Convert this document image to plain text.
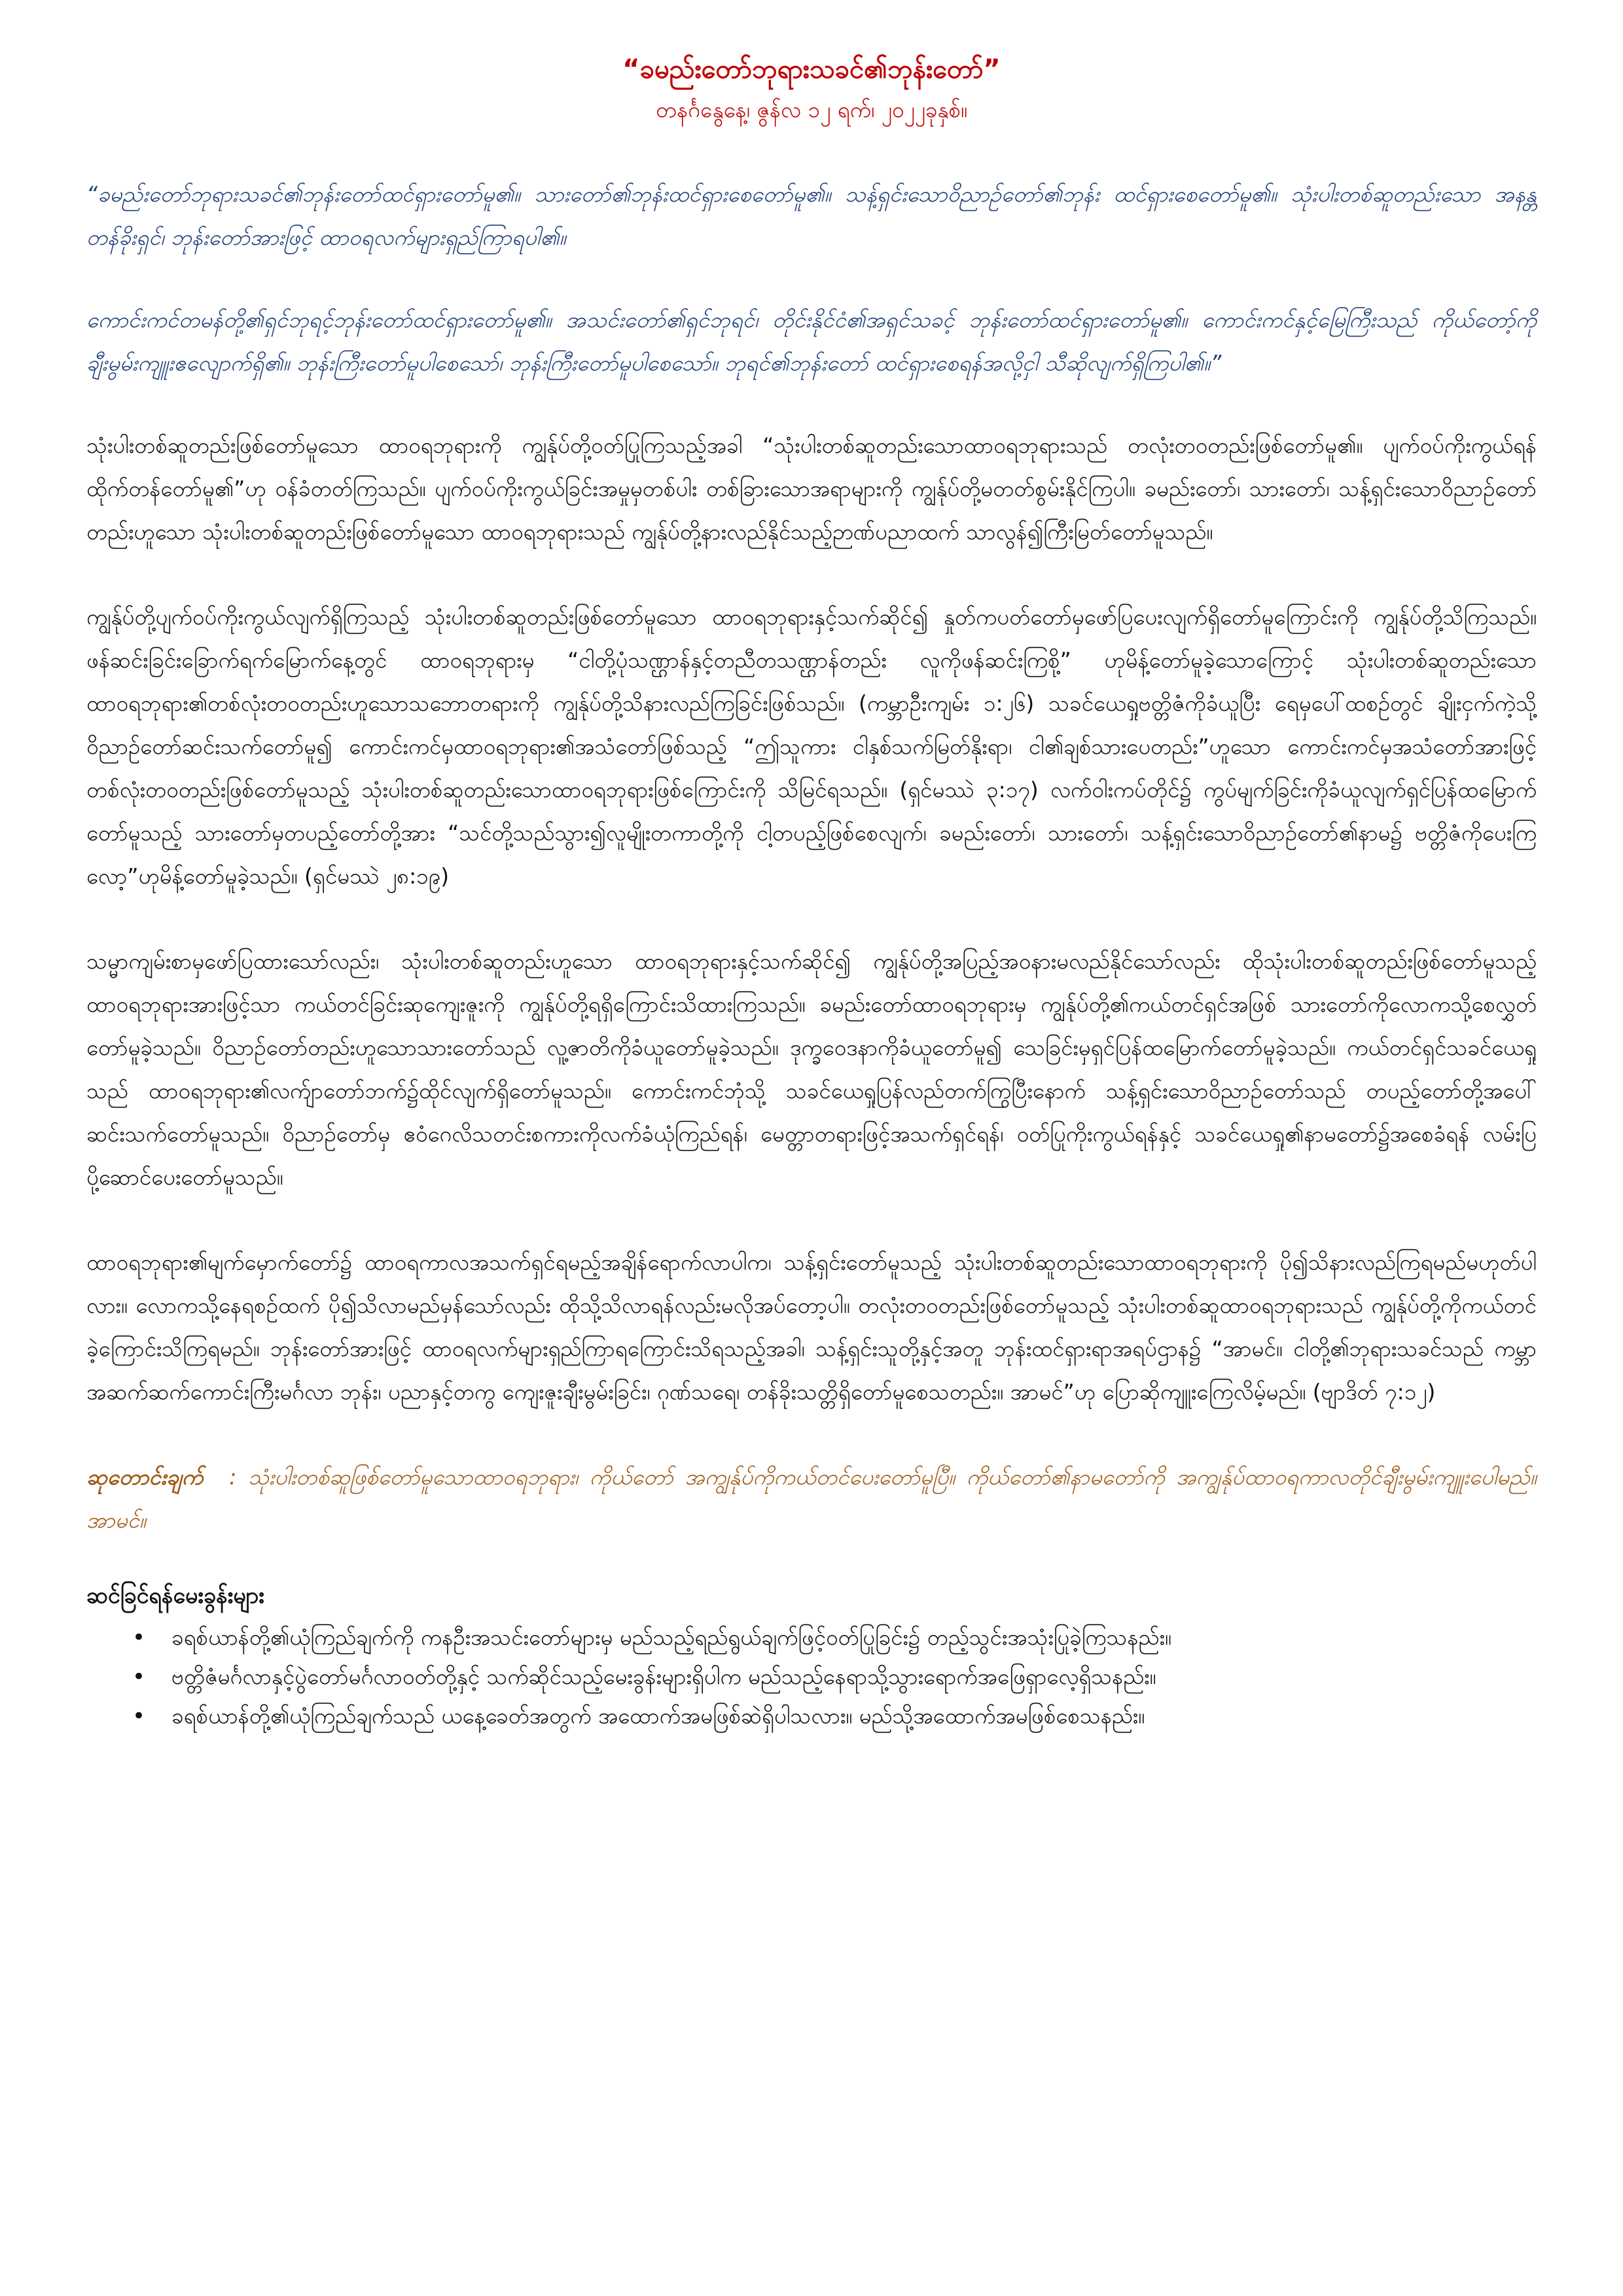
“ခမည်းတော်ဘုရားသခင်၏ဘုန်းတော်”
တနင်္ဂနွေနေ့၊ ဇွန်လ ၁၂ ရက်၊ ၂၀၂၂ခုနှစ်။

“ခမည်းတော်ဘုရားသခင်၏ဘုန်းတော်ထင်ရှားတော်မူ၏။ သားတော်၏ဘုန်းထင်ရှားစေတော်မူ၏။ သန့်ရှင်းသောဝိညာဉ်တော်၏ဘုန်း ထင်ရှားစေတော်မူ၏။ သုံးပါးတစ်ဆူတည်းသော အနန္တတန်ခိုးရှင်၊ ဘုန်းတော်အားဖြင့် ထာဝရလက်များရှည်ကြာရပါ၏။

ကောင်းကင်တမန်တို့၏ရှင်ဘုရင့်ဘုန်းတော်ထင်ရှားတော်မူ၏။ အသင်းတော်၏ရှင်ဘုရင်၊ တိုင်းနိုင်ငံ၏အရှင်သခင့် ဘုန်းတော်ထင်ရှားတော်မူ၏။ ကောင်းကင်နှင့်မြေကြီးသည် ကိုယ်တော့်ကိုချီးမွမ်းကျူးဧလျောက်ရှိ၏။ ဘုန်းကြီးတော်မူပါစေသော်၊ ဘုန်းကြီးတော်မူပါစေသော်။ ဘုရင်၏ဘုန်းတော် ထင်ရှားစေရန်အလို့ငှါ သီဆိုလျက်ရှိကြပါ၏။”

သုံးပါးတစ်ဆူတည်းဖြစ်တော်မူသော ထာဝရဘုရားကို ကျွန်ုပ်တို့ဝတ်ပြုကြသည့်အခါ “သုံးပါးတစ်ဆူတည်းသောထာဝရဘုရားသည် တလုံးတဝတည်းဖြစ်တော်မူ၏။ ပျက်ဝပ်ကိုးကွယ်ရန် ထိုက်တန်တော်မူ၏”ဟု ဝန်ခံတတ်ကြသည်။ ပျက်ဝပ်ကိုးကွယ်ခြင်းအမှုမှတစ်ပါး တစ်ခြားသောအရာများကို ကျွန်ုပ်တို့မတတ်စွမ်းနိုင်ကြပါ။ ခမည်းတော်၊ သားတော်၊ သန့်ရှင်းသောဝိညာဉ်တော်တည်းဟူသော သုံးပါးတစ်ဆူတည်းဖြစ်တော်မူသော ထာဝရဘုရားသည် ကျွန်ုပ်တို့နားလည်နိုင်သည့်ဉာဏ်ပညာထက် သာလွန်၍ကြီးမြတ်တော်မူသည်။

ကျွန်ုပ်တို့ပျက်ဝပ်ကိုးကွယ်လျက်ရှိကြသည့် သုံးပါးတစ်ဆူတည်းဖြစ်တော်မူသော ထာဝရဘုရားနှင့်သက်ဆိုင်၍ နှုတ်ကပတ်တော်မှဖော်ပြပေးလျက်ရှိတော်မူကြောင်းကို ကျွန်ုပ်တို့သိကြသည်။ ဖန်ဆင်းခြင်းခြောက်ရက်မြောက်နေ့တွင် ထာဝရဘုရားမှ “ငါတို့ပုံသဏ္ဌာန်နှင့်တညီတသဏ္ဌာန်တည်း လူကိုဖန်ဆင်းကြစို့” ဟုမိန့်တော်မူခဲ့သောကြောင့် သုံးပါးတစ်ဆူတည်းသော ထာဝရဘုရား၏တစ်လုံးတဝတည်းဟူသောသဘောတရားကို ကျွန်ုပ်တို့သိနားလည်ကြခြင်းဖြစ်သည်။ (ကမ္ဘာဦးကျမ်း ၁:၂၆) သခင်ယေရှုဗတ္တိဇံကိုခံယူပြီး ရေမှပေါ်ထစဉ်တွင် ချိုးငှက်ကဲ့သို့ဝိညာဉ်တော်ဆင်းသက်တော်မူ၍ ကောင်းကင်မှထာဝရဘုရား၏အသံတော်ဖြစ်သည့် “ဤသူကား ငါနှစ်သက်မြတ်နိုးရာ၊ ငါ၏ချစ်သားပေတည်း”ဟူသော ကောင်းကင်မှအသံတော်အားဖြင့် တစ်လုံးတဝတည်းဖြစ်တော်မူသည့် သုံးပါးတစ်ဆူတည်းသောထာဝရဘုရားဖြစ်ကြောင်းကို သိမြင်ရသည်။ (ရှင်မဿဲ ၃:၁၇) လက်ဝါးကပ်တိုင်၌ ကွပ်မျက်ခြင်းကိုခံယူလျက်ရှင်ပြန်ထမြောက်တော်မူသည့် သားတော်မှတပည့်တော်တို့အား “သင်တို့သည်သွား၍လူမျိုးတကာတို့ကို ငါ့တပည့်ဖြစ်စေလျက်၊ ခမည်းတော်၊ သားတော်၊ သန့်ရှင်းသောဝိညာဉ်တော်၏နာမ၌ ဗတ္တိဇံကိုပေးကြလော့”ဟုမိန့်တော်မူခဲ့သည်။ (ရှင်မဿဲ ၂၈:၁၉)

သမ္မာကျမ်းစာမှဖော်ပြထားသော်လည်း၊ သုံးပါးတစ်ဆူတည်းဟူသော ထာဝရဘုရားနှင့်သက်ဆိုင်၍ ကျွန်ုပ်တို့အပြည့်အဝနားမလည်နိုင်သော်လည်း ထိုသုံးပါးတစ်ဆူတည်းဖြစ်တော်မူသည့် ထာဝရဘုရားအားဖြင့်သာ ကယ်တင်ခြင်းဆုကျေးဇူးကို ကျွန်ုပ်တို့ရရှိကြောင်းသိထားကြသည်။ ခမည်းတော်ထာဝရဘုရားမှ ကျွန်ုပ်တို့၏ကယ်တင်ရှင်အဖြစ် သားတော်ကိုလောကသို့စေလွှတ်တော်မူခဲ့သည်။ ဝိညာဉ်တော်တည်းဟူသောသားတော်သည် လူ့ဇာတိကိုခံယူတော်မူခဲ့သည်။ ဒုက္ခဝေဒနာကိုခံယူတော်မူ၍ သေခြင်းမှရှင်ပြန်ထမြောက်တော်မူခဲ့သည်။ ကယ်တင်ရှင်သခင်ယေရှုသည် ထာဝရဘုရား၏လက်ျာတော်ဘက်၌ထိုင်လျက်ရှိတော်မူသည်။ ကောင်းကင်ဘုံသို့ သခင်ယေရှုပြန်လည်တက်ကြွပြီးနောက် သန့်ရှင်းသောဝိညာဉ်တော်သည် တပည့်တော်တို့အပေါ်ဆင်းသက်တော်မူသည်။ ဝိညာဉ်တော်မှ ဧဝံဂေလိသတင်းစကားကိုလက်ခံယုံကြည်ရန်၊ မေတ္တာတရားဖြင့်အသက်ရှင်ရန်၊ ဝတ်ပြုကိုးကွယ်ရန်နှင့် သခင်ယေရှု၏နာမတော်၌အစေခံရန် လမ်းပြပို့ဆောင်ပေးတော်မူသည်။

ထာဝရဘုရား၏မျက်မှောက်တော်၌ ထာဝရကာလအသက်ရှင်ရမည့်အချိန်ရောက်လာပါက၊ သန့်ရှင်းတော်မူသည့် သုံးပါးတစ်ဆူတည်းသောထာဝရဘုရားကို ပို၍သိနားလည်ကြရမည်မဟုတ်ပါလား။ လောကသို့နေရစဉ်ထက် ပို၍သိလာမည်မှန်သော်လည်း ထိုသို့သိလာရန်လည်းမလိုအပ်တော့ပါ။ တလုံးတဝတည်းဖြစ်တော်မူသည့် သုံးပါးတစ်ဆူထာဝရဘုရားသည် ကျွန်ုပ်တို့ကိုကယ်တင်ခဲ့ကြောင်းသိကြရမည်။ ဘုန်းတော်အားဖြင့် ထာဝရလက်များရှည်ကြာရကြောင်းသိရသည့်အခါ၊ သန့်ရှင်းသူတို့နှင့်အတူ ဘုန်းထင်ရှားရာအရပ်ဌာန၌ “အာမင်။ ငါတို့၏ဘုရားသခင်သည် ကမ္ဘာအဆက်ဆက်ကောင်းကြီးမင်္ဂလာ ဘုန်း၊ ပညာနှင့်တကွ ကျေးဇူးချီးမွမ်းခြင်း၊ ဂုဏ်သရေ၊ တန်ခိုးသတ္တိရှိတော်မူစေသတည်း။ အာမင်”ဟု ပြောဆိုကျူးကြေလိမ့်မည်။ (ဗျာဒိတ် ၇:၁၂)

ဆုတောင်းချက် : သုံးပါးတစ်ဆူဖြစ်တော်မူသောထာဝရဘုရား၊ ကိုယ်တော် အကျွန်ုပ်ကိုကယ်တင်ပေးတော်မူပြီ။ ကိုယ်တော်၏နာမတော်ကို အကျွန်ုပ်ထာဝရကာလတိုင်ချီးမွမ်းကျူးပေါမည်။ အာမင်။

ဆင်ခြင်ရန်မေးခွန်းများ
• ခရစ်ယာန်တို့၏ယုံကြည်ချက်ကို ကနဦးအသင်းတော်များမှ မည်သည့်ရည်ရွယ်ချက်ဖြင့်ဝတ်ပြုခြင်း၌ တည့်သွင်းအသုံးပြုခဲ့ကြသနည်း။
• ဗတ္တိဇံမင်္ဂလာနှင့်ပွဲတော်မင်္ဂလာဝတ်တို့နှင့် သက်ဆိုင်သည့်မေးခွန်းများရှိပါက မည်သည့်နေရာသို့သွားရောက်အဖြေရှာလေ့ရှိသနည်း။
• ခရစ်ယာန်တို့၏ယုံကြည်ချက်သည် ယနေ့ခေတ်အတွက် အထောက်အမဖြစ်ဆဲရှိပါသလား။ မည်သို့အထောက်အမဖြစ်စေသနည်း။
